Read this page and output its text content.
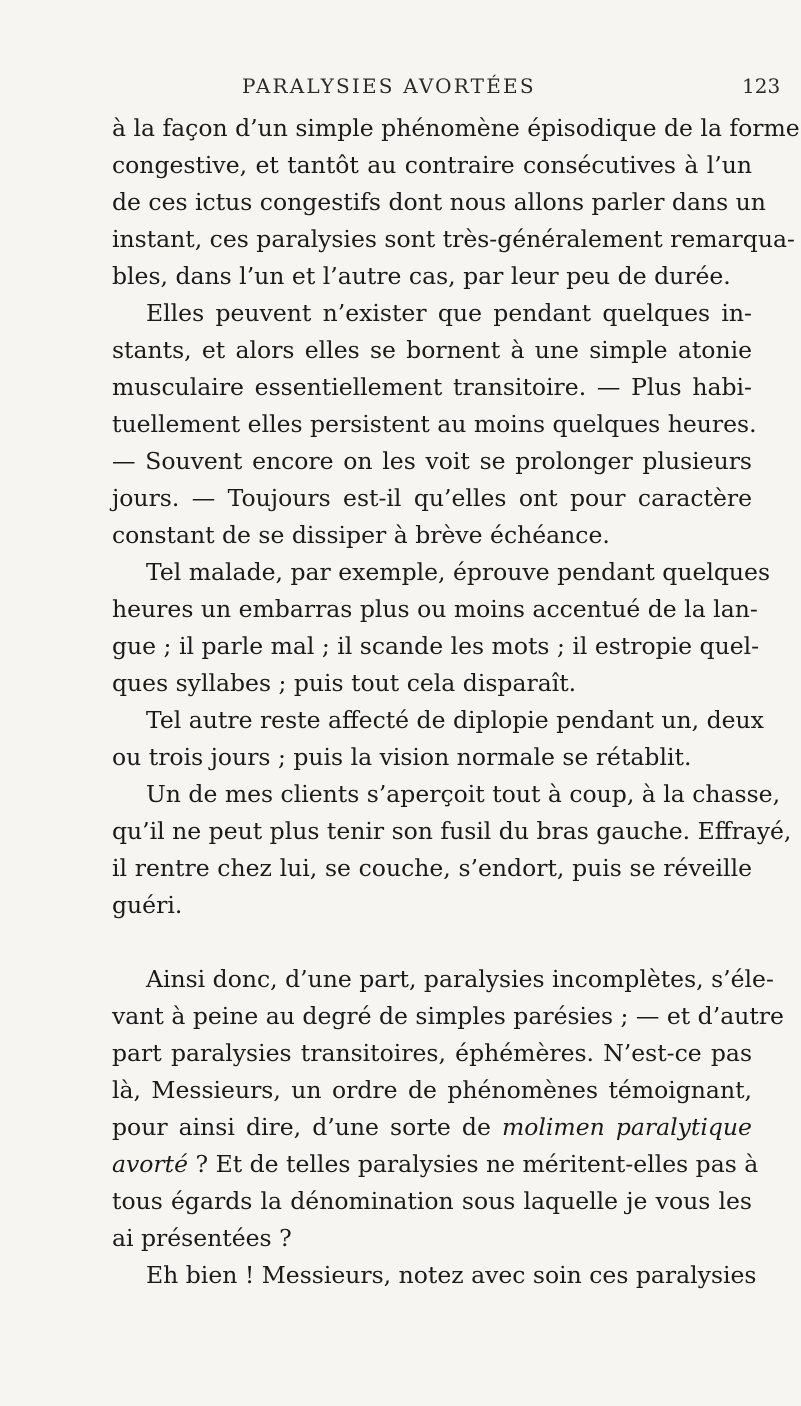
PARALYSIES AVORTÉES	123
à la façon d’un simple phénomène épisodique de la forme
congestive, et tantôt au contraire consécutives à l’un
de ces ictus congestifs dont nous allons parler dans un
instant, ces paralysies sont très-généralement remarqua-
bles, dans l’un et l’autre cas, par leur peu de durée.
Elles peuvent n’exister que pendant quelques in-
stants, et alors elles se bornent à une simple atonie
musculaire essentiellement transitoire. — Plus habi-
tuellement elles persistent au moins quelques heures.
— Souvent encore on les voit se prolonger plusieurs
jours. — Toujours est-il qu’elles ont pour caractère
constant de se dissiper à brève échéance.
Tel malade, par exemple, éprouve pendant quelques
heures un embarras plus ou moins accentué de la lan-
gue ; il parle mal ; il scande les mots ; il estropie quel-
ques syllabes ; puis tout cela disparaît.
Tel autre reste affecté de diplopie pendant un, deux
ou trois jours ; puis la vision normale se rétablit.
Un de mes clients s’aperçoit tout à coup, à la chasse,
qu’il ne peut plus tenir son fusil du bras gauche. Effrayé,
il rentre chez lui, se couche, s’endort, puis se réveille
guéri.
Ainsi donc, d’une part, paralysies incomplètes, s’éle-
vant à peine au degré de simples parésies ; — et d’autre
part paralysies transitoires, éphémères. N’est-ce pas
là, Messieurs, un ordre de phénomènes témoignant,
pour ainsi dire, d’une sorte de molimen paralytique
avorté ? Et de telles paralysies ne méritent-elles pas à
tous égards la dénomination sous laquelle je vous les
ai présentées ?
Eh bien ! Messieurs, notez avec soin ces paralysies
